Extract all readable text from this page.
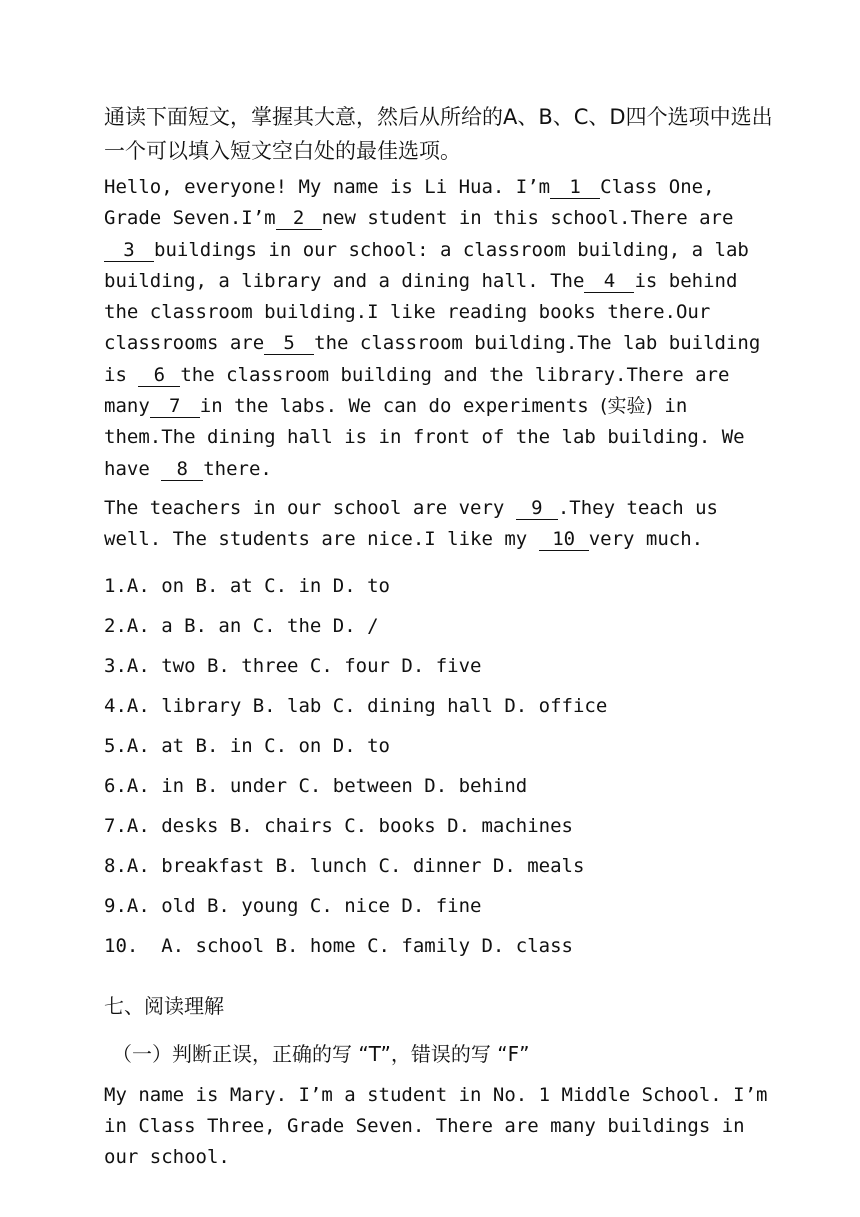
通读下面短文，掌握其大意，然后从所给的A、B、C、D四个选项中选出一个可以填入短文空白处的最佳选项。

Hello, everyone! My name is Li Hua. I’m 1 Class One, Grade Seven.I’m 2 new student in this school.There are3 buildings in our school: a classroom building, a lab building, a library and a dining hall. The 4 is behind the classroom building.I like reading books there.Our classrooms are 5 the classroom building.The lab building is 6 the classroom building and the library.There are many 7 in the labs. We can do experiments (实验) in them.The dining hall is in front of the lab building. We have 8 there.

The teachers in our school are very 9 .They teach us well. The students are nice.I like my 10 very much.

1.A. on B. at C. in D. to
2.A. a B. an C. the D. /
3.A. two B. three C. four D. five
4.A. library B. lab C. dining hall D. office
5.A. at B. in C. on D. to
6.A. in B. under C. between D. behind
7.A. desks B. chairs C. books D. machines
8.A. breakfast B. lunch C. dinner D. meals
9.A. old B. young C. nice D. fine
10.  A. school B. home C. family D. class
七、阅读理解
（一）判断正误，正确的写 “T”，错误的写 “F”

My name is Mary. I’m a student in No. 1 Middle School. I’m in Class Three, Grade Seven. There are many buildings in our school.
